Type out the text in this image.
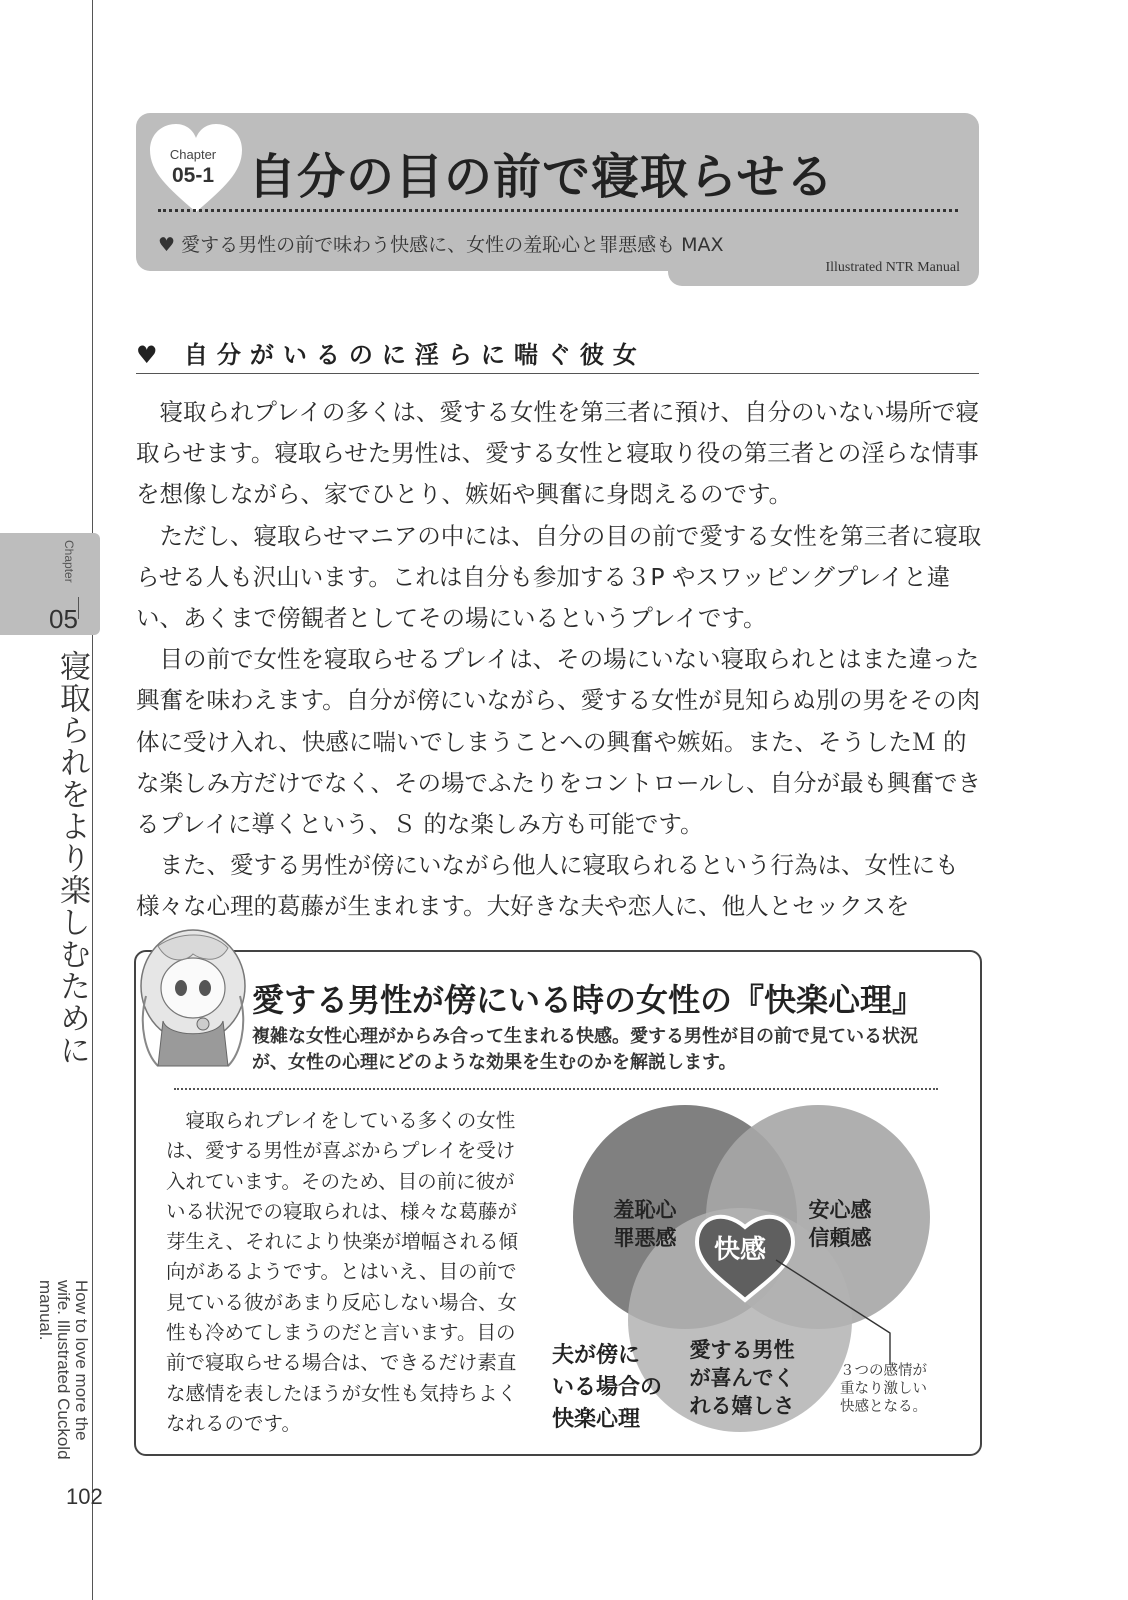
Chapter
05
寝取られをより楽しむために
How to love more the wife. Illustrated Cuckold manual.
102
Chapter
05-1 自分の目の前で寝取らせる
♥ 愛する男性の前で味わう快感に、女性の羞恥心と罪悪感も MAX
Illustrated NTR Manual
♥ 自分がいるのに淫らに喘ぐ彼女

寝取られプレイの多くは、愛する女性を第三者に預け、自分のいない場所で寝取らせます。寝取らせた男性は、愛する女性と寝取り役の第三者との淫らな情事を想像しながら、家でひとり、嫉妬や興奮に身悶えるのです。

ただし、寝取らせマニアの中には、自分の目の前で愛する女性を第三者に寝取らせる人も沢山います。これは自分も参加する３P やスワッピングプレイと違い、あくまで傍観者としてその場にいるというプレイです。

目の前で女性を寝取らせるプレイは、その場にいない寝取られとはまた違った興奮を味わえます。自分が傍にいながら、愛する女性が見知らぬ別の男をその肉体に受け入れ、快感に喘いでしまうことへの興奮や嫉妬。また、そうしたＭ 的な楽しみ方だけでなく、その場でふたりをコントロールし、自分が最も興奮できるプレイに導くという、Ｓ 的な楽しみ方も可能です。

また、愛する男性が傍にいながら他人に寝取られるという行為は、女性にも様々な心理的葛藤が生まれます。大好きな夫や恋人に、他人とセックスを

愛する男性が傍にいる時の女性の『快楽心理』
複雑な女性心理がからみ合って生まれる快感。愛する男性が目の前で見ている状況が、女性の心理にどのような効果を生むのかを解説します。
寝取られプレイをしている多くの女性は、愛する男性が喜ぶからプレイを受け入れています。そのため、目の前に彼がいる状況での寝取られは、様々な葛藤が芽生え、それにより快楽が増幅される傾向があるようです。とはいえ、目の前で見ている彼があまり反応しない場合、女性も冷めてしまうのだと言います。目の前で寝取らせる場合は、できるだけ素直な感情を表したほうが女性も気持ちよくなれるのです。
羞恥心
罪悪感
安心感
信頼感
愛する男性
が喜んでく
れる嬉しさ
快感
夫が傍に
いる場合の
快楽心理
３つの感情が
重なり激しい
快感となる。
